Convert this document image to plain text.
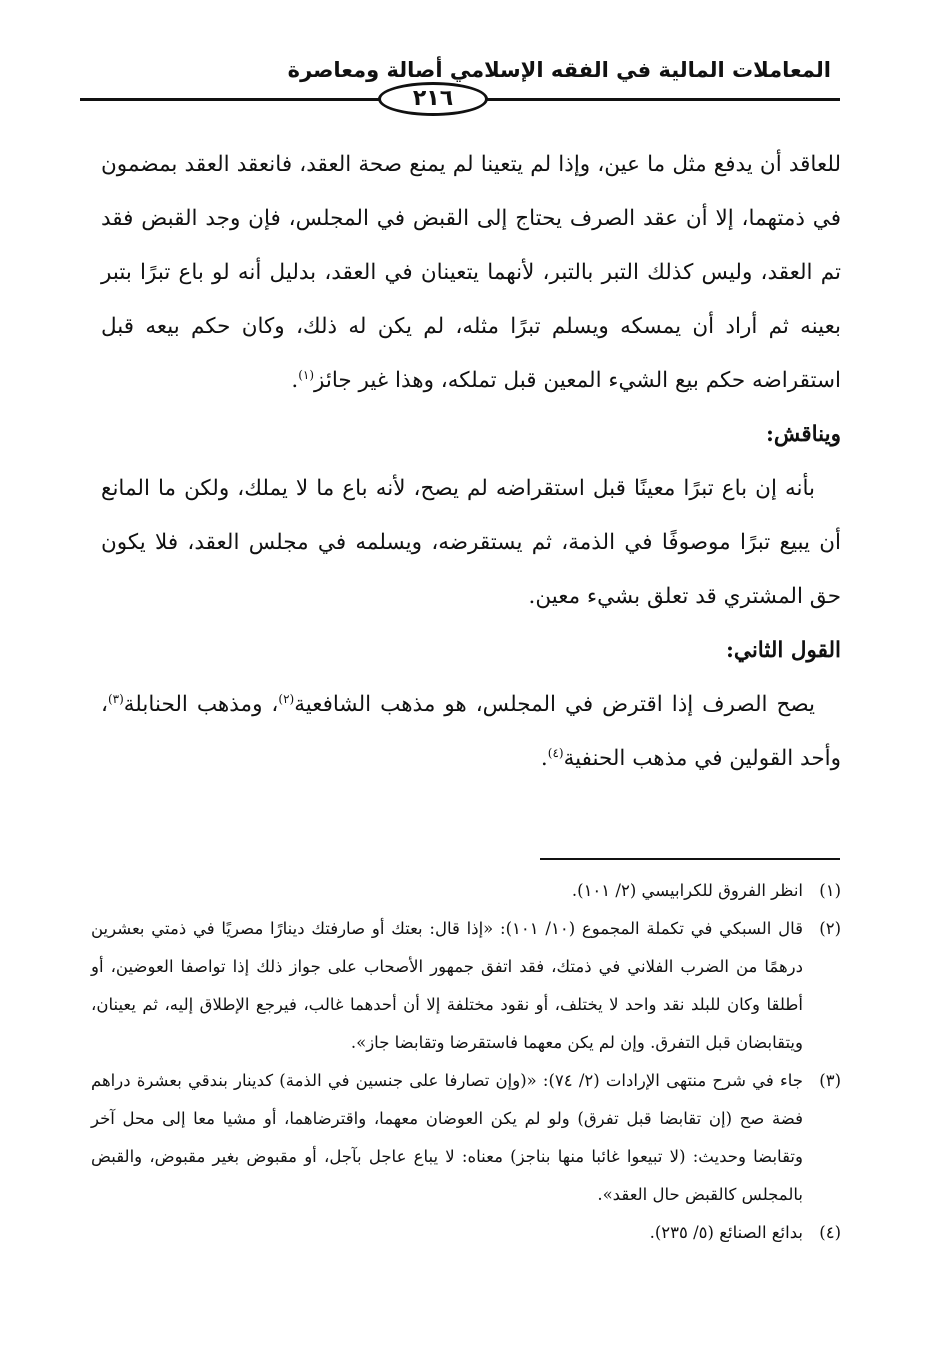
المعاملات المالية في الفقه الإسلامي أصالة ومعاصرة
٢١٦

للعاقد أن يدفع مثل ما عين، وإذا لم يتعينا لم يمنع صحة العقد، فانعقد العقد بمضمون في ذمتهما، إلا أن عقد الصرف يحتاج إلى القبض في المجلس، فإن وجد القبض فقد تم العقد، وليس كذلك التبر بالتبر، لأنهما يتعينان في العقد، بدليل أنه لو باع تبرًا بتبر بعينه ثم أراد أن يمسكه ويسلم تبرًا مثله، لم يكن له ذلك، وكان حكم بيعه قبل استقراضه حكم بيع الشيء المعين قبل تملكه، وهذا غير جائز$^{(١)}$.

ويناقش:

بأنه إن باع تبرًا معينًا قبل استقراضه لم يصح، لأنه باع ما لا يملك، ولكن ما المانع أن يبيع تبرًا موصوفًا في الذمة، ثم يستقرضه، ويسلمه في مجلس العقد، فلا يكون حق المشتري قد تعلق بشيء معين.

القول الثاني:

يصح الصرف إذا اقترض في المجلس، هو مذهب الشافعية$^{(٢)}$، ومذهب الحنابلة$^{(٣)}$، وأحد القولين في مذهب الحنفية$^{(٤)}$.

(١)
انظر الفروق للكرابيسي (٢/ ١٠١).

(٢)
قال السبكي في تكملة المجموع (١٠/ ١٠١): «إذا قال: بعتك أو صارفتك دينارًا مصريًا في ذمتي بعشرين درهمًا من الضرب الفلاني في ذمتك، فقد اتفق جمهور الأصحاب على جواز ذلك إذا تواصفا العوضين، أو أطلقا وكان للبلد نقد واحد لا يختلف، أو نقود مختلفة إلا أن أحدهما غالب، فيرجع الإطلاق إليه، ثم يعينان، ويتقابضان قبل التفرق. وإن لم يكن معهما فاستقرضا وتقابضا جاز».

(٣)
جاء في شرح منتهى الإرادات (٢/ ٧٤): «(وإن تصارفا على جنسين في الذمة) كدينار بندقي بعشرة دراهم فضة صح (إن تقابضا قبل تفرق) ولو لم يكن العوضان معهما، واقترضاهما، أو مشيا معا إلى محل آخر وتقابضا وحديث: (لا تبيعوا غائبا منها بناجز) معناه: لا يباع عاجل بآجل، أو مقبوض بغير مقبوض، والقبض بالمجلس كالقبض حال العقد».

(٤)
بدائع الصنائع (٥/ ٢٣٥).
